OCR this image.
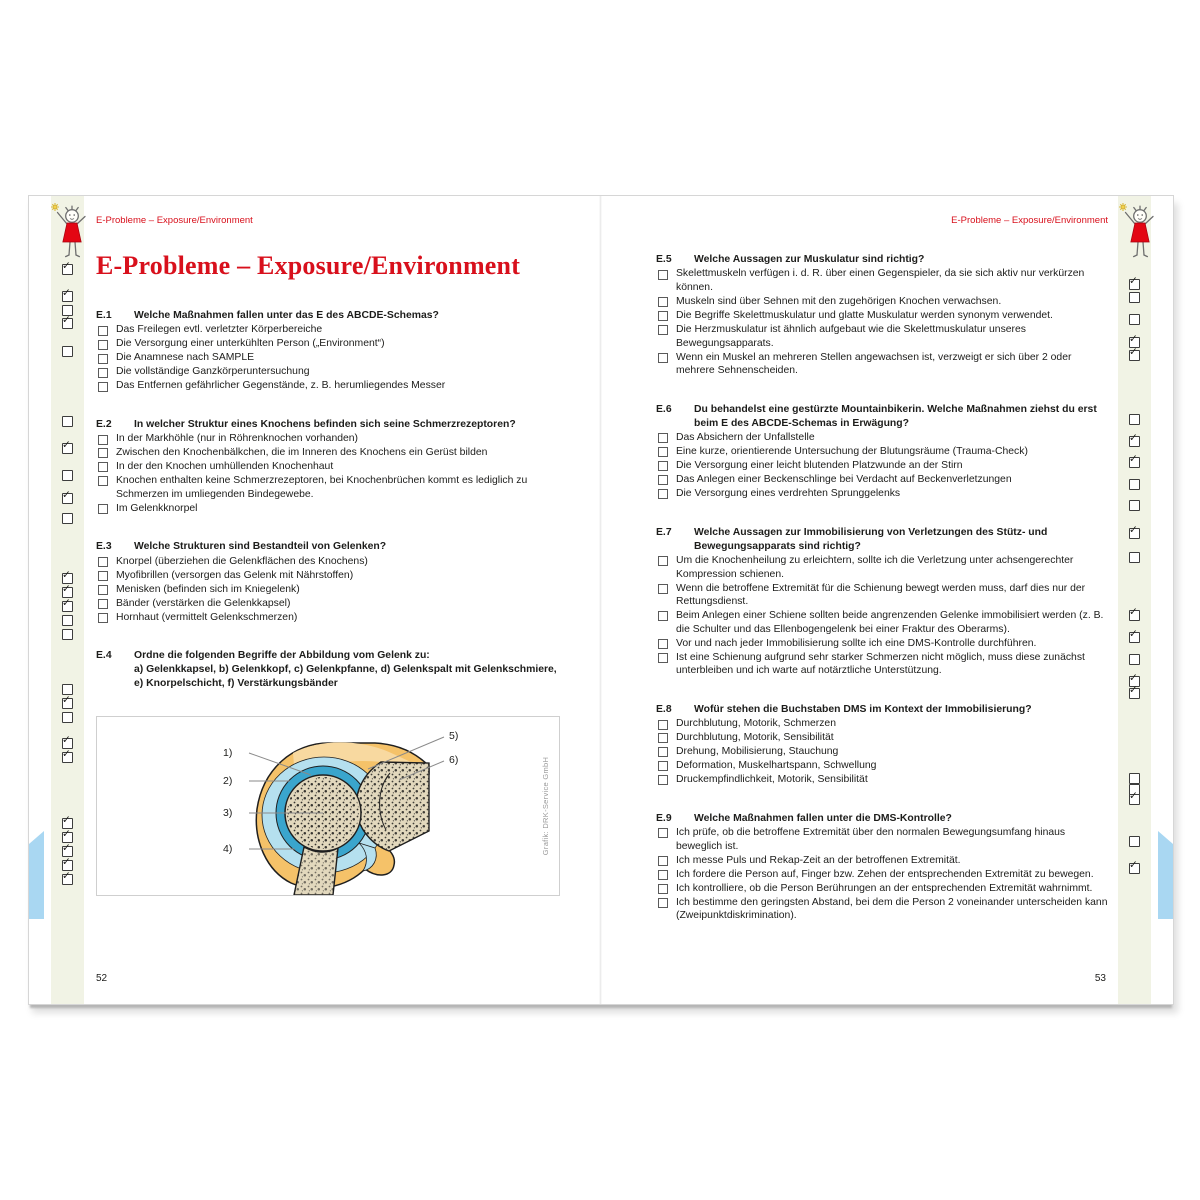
✓
✓
✓
✓
✓
✓
✓
✓
✓
✓
✓
✓
✓
✓
✓
✓
E-Probleme – Exposure/Environment
E-Probleme – Exposure/Environment
E.1	Welche Maßnahmen fallen unter das E des ABCDE-Schemas?
Das Freilegen evtl. verletzter Körperbereiche
Die Versorgung einer unterkühlten Person („Environment“)
Die Anamnese nach SAMPLE
Die vollständige Ganzkörperuntersuchung
Das Entfernen gefährlicher Gegenstände, z. B. herumliegendes Messer
E.2	In welcher Struktur eines Knochens befinden sich seine Schmerzrezeptoren?
In der Markhöhle (nur in Röhrenknochen vorhanden)
Zwischen den Knochenbälkchen, die im Inneren des Knochens ein Gerüst bilden
In der den Knochen umhüllenden Knochenhaut
Knochen enthalten keine Schmerzrezeptoren, bei Knochenbrüchen kommt es lediglich zu Schmerzen im umliegenden Bindegewebe.
Im Gelenkknorpel
E.3	Welche Strukturen sind Bestandteil von Gelenken?
Knorpel (überziehen die Gelenkflächen des Knochens)
Myofibrillen (versorgen das Gelenk mit Nährstoffen)
Menisken (befinden sich im Kniegelenk)
Bänder (verstärken die Gelenkkapsel)
Hornhaut (vermittelt Gelenkschmerzen)
E.4	Ordne die folgenden Begriffe der Abbildung vom Gelenk zu:
a) Gelenkkapsel, b) Gelenkkopf, c) Gelenkpfanne, d) Gelenkspalt mit Gelenkschmiere,
e) Knorpelschicht, f) Verstärkungsbänder
1)
2)
3)
4)
5)
6)	Grafik: DRK-Service GmbH
52
✓
✓
✓
✓
✓
✓
✓
✓
✓
✓
✓
✓
E-Probleme – Exposure/Environment
E.5	Welche Aussagen zur Muskulatur sind richtig?
Skelettmuskeln verfügen i. d. R. über einen Gegenspieler, da sie sich aktiv nur verkürzen können.
Muskeln sind über Sehnen mit den zugehörigen Knochen verwachsen.
Die Begriffe Skelettmuskulatur und glatte Muskulatur werden synonym verwendet.
Die Herzmuskulatur ist ähnlich aufgebaut wie die Skelettmuskulatur unseres Bewegungsapparats.
Wenn ein Muskel an mehreren Stellen angewachsen ist, verzweigt er sich über 2 oder mehrere Sehnenscheiden.
E.6	Du behandelst eine gestürzte Mountainbikerin. Welche Maßnahmen ziehst du erst beim E des ABCDE-Schemas in Erwägung?
Das Absichern der Unfallstelle
Eine kurze, orientierende Untersuchung der Blutungsräume (Trauma-Check)
Die Versorgung einer leicht blutenden Platzwunde an der Stirn
Das Anlegen einer Beckenschlinge bei Verdacht auf Beckenverletzungen
Die Versorgung eines verdrehten Sprunggelenks
E.7	Welche Aussagen zur Immobilisierung von Verletzungen des Stütz- und Bewegungsapparats sind richtig?
Um die Knochenheilung zu erleichtern, sollte ich die Verletzung unter achsengerechter Kompression schienen.
Wenn die betroffene Extremität für die Schienung bewegt werden muss, darf dies nur der Rettungsdienst.
Beim Anlegen einer Schiene sollten beide angrenzenden Gelenke immobilisiert werden (z. B. die Schulter und das Ellenbogengelenk bei einer Fraktur des Oberarms).
Vor und nach jeder Immobilisierung sollte ich eine DMS-Kontrolle durchführen.
Ist eine Schienung aufgrund sehr starker Schmerzen nicht möglich, muss diese zunächst unterbleiben und ich warte auf notärztliche Unterstützung.
E.8	Wofür stehen die Buchstaben DMS im Kontext der Immobilisierung?
Durchblutung, Motorik, Schmerzen
Durchblutung, Motorik, Sensibilität
Drehung, Mobilisierung, Stauchung
Deformation, Muskelhartspann, Schwellung
Druckempfindlichkeit, Motorik, Sensibilität
E.9	Welche Maßnahmen fallen unter die DMS-Kontrolle?
Ich prüfe, ob die betroffene Extremität über den normalen Bewegungsumfang hinaus beweglich ist.
Ich messe Puls und Rekap-Zeit an der betroffenen Extremität.
Ich fordere die Person auf, Finger bzw. Zehen der entsprechenden Extremität zu bewegen.
Ich kontrolliere, ob die Person Berührungen an der entsprechenden Extremität wahrnimmt.
Ich bestimme den geringsten Abstand, bei dem die Person 2 voneinander unterscheiden kann (Zweipunktdiskrimination).
53
